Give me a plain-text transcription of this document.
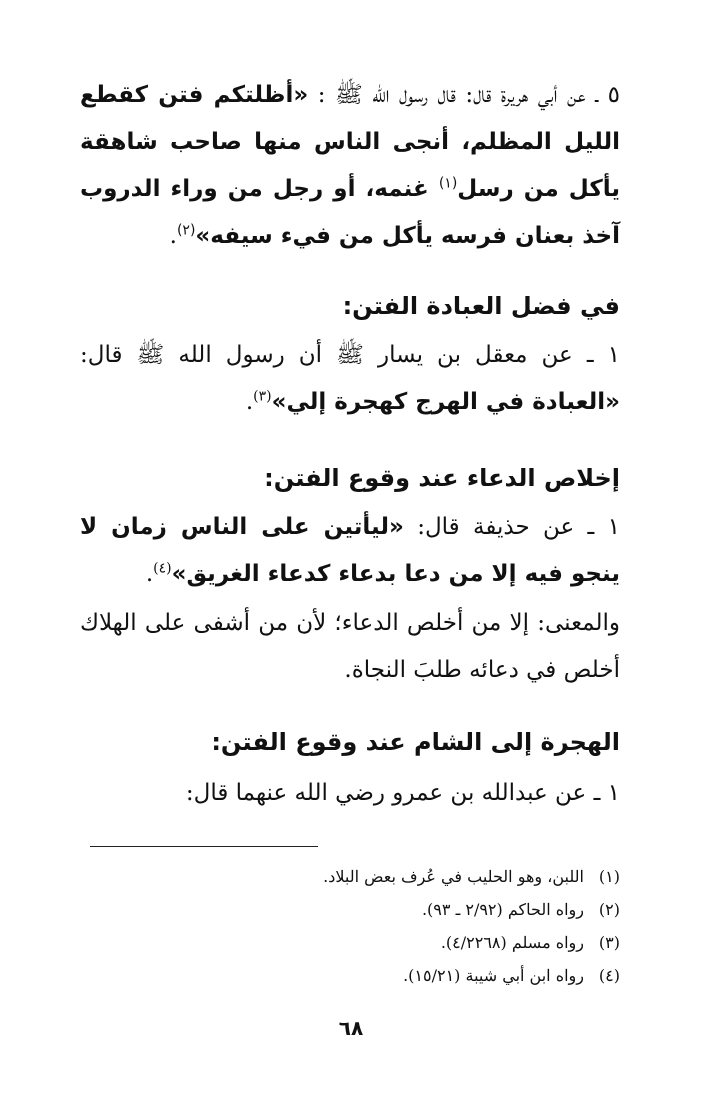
٥ ـ عن أبي هريرة قال: قال رسول الله ﷺ : «أظلتكم فتن كقطع الليل المظلم، أنجى الناس منها صاحب شاهقة يأكل من رسل$^{(١)}$ غنمه، أو رجل من وراء الدروب آخذ بعنان فرسه يأكل من فيء سيفه»$^{(٢)}$.

في فضل العبادة الفتن:

١ ـ عن معقل بن يسار ﷺ أن رسول الله ﷺ قال: «العبادة في الهرج كهجرة إلي»$^{(٣)}$.

إخلاص الدعاء عند وقوع الفتن:

١ ـ عن حذيفة قال: «ليأتين على الناس زمان لا ينجو فيه إلا من دعا بدعاء كدعاء الغريق»$^{(٤)}$.

والمعنى: إلا من أخلص الدعاء؛ لأن من أشفى على الهلاك أخلص في دعائه طلبَ النجاة.

الهجرة إلى الشام عند وقوع الفتن:

١ ـ عن عبدالله بن عمرو رضي الله عنهما قال:

(١)اللبن، وهو الحليب في عُرف بعض البلاد.
(٢)رواه الحاكم (٢/٩٢ ـ ٩٣).
(٣)رواه مسلم (٤/٢٢٦٨).
(٤)رواه ابن أبي شيبة (١٥/٢١).
٦٨
